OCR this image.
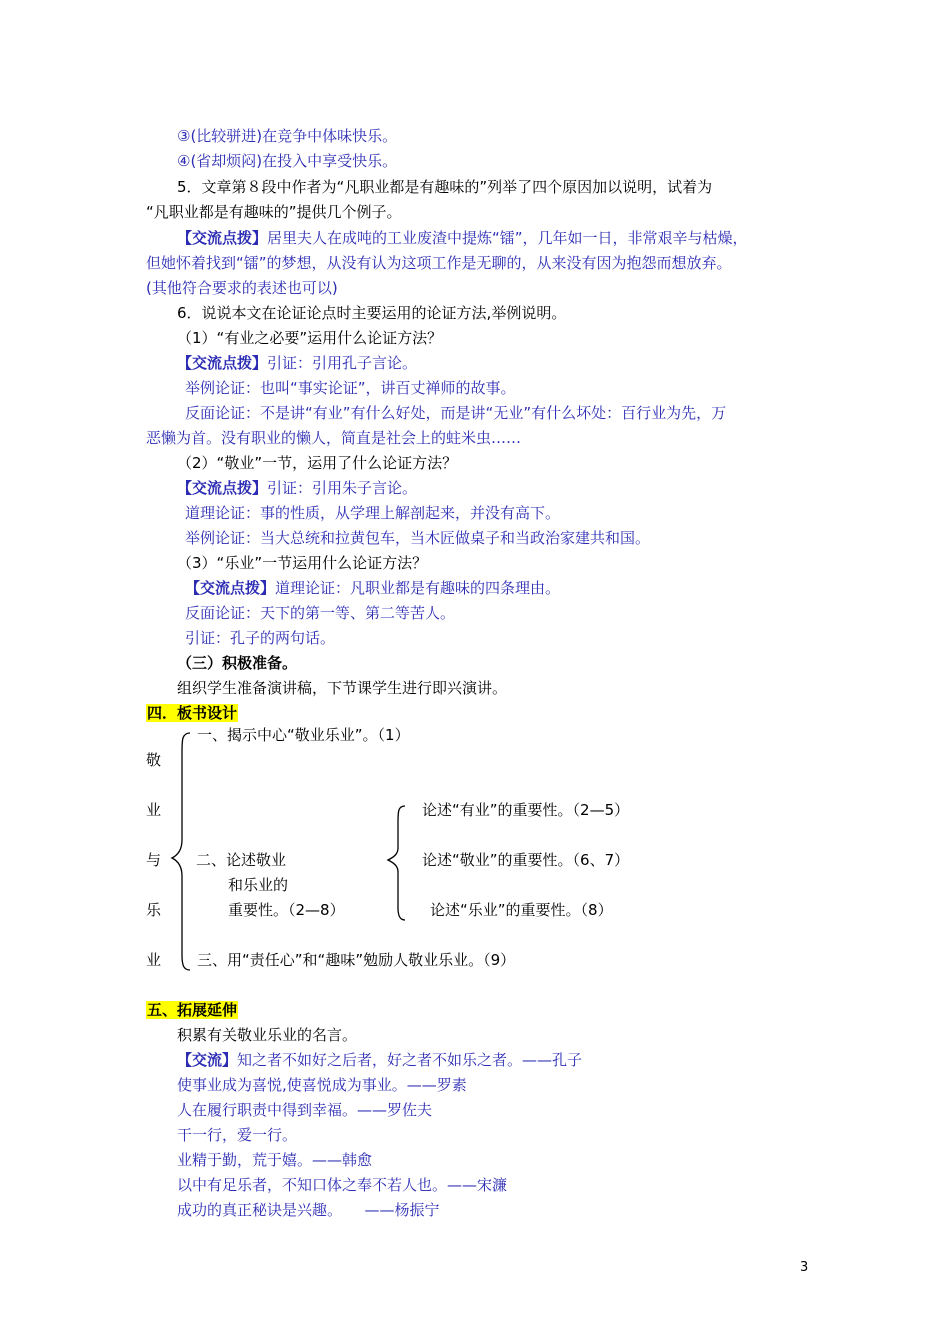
③(比较骈进)在竞争中体味快乐。
④(省却烦闷)在投入中享受快乐。
5．文章第８段中作者为“凡职业都是有趣味的”列举了四个原因加以说明，试着为
“凡职业都是有趣味的”提供几个例子。
【交流点拨】居里夫人在成吨的工业废渣中提炼“镭”，几年如一日，非常艰辛与枯燥，
但她怀着找到“镭”的梦想，从没有认为这项工作是无聊的，从来没有因为抱怨而想放弃。
(其他符合要求的表述也可以)
6．说说本文在论证论点时主要运用的论证方法,举例说明。
（1）“有业之必要”运用什么论证方法？
【交流点拨】引证：引用孔子言论。
举例论证：也叫“事实论证”，讲百丈禅师的故事。
反面论证：不是讲“有业”有什么好处，而是讲“无业”有什么坏处：百行业为先，万
恶懒为首。没有职业的懒人，简直是社会上的蛀米虫……
（2）“敬业”一节，运用了什么论证方法？
【交流点拨】引证：引用朱子言论。
道理论证：事的性质，从学理上解剖起来，并没有高下。
举例论证：当大总统和拉黄包车，当木匠做桌子和当政治家建共和国。
（3）“乐业”一节运用什么论证方法？
【交流点拨】道理论证：凡职业都是有趣味的四条理由。
反面论证：天下的第一等、第二等苦人。
引证：孔子的两句话。
（三）积极准备。
组织学生准备演讲稿，下节课学生进行即兴演讲。
四．板书设计
敬
业
与
乐
业
一、揭示中心“敬业乐业”。（1）
二、论述敬业
和乐业的
重要性。（2—8）
论述“有业”的重要性。（2—5）
论述“敬业”的重要性。（6、7）
论述“乐业”的重要性。（8）
三、用“责任心”和“趣味”勉励人敬业乐业。（9）
五、拓展延伸
积累有关敬业乐业的名言。
【交流】知之者不如好之后者，好之者不如乐之者。——孔子
使事业成为喜悦,使喜悦成为事业。——罗素
人在履行职责中得到幸福。——罗佐夫
干一行，爱一行。
业精于勤，荒于嬉。——韩愈
以中有足乐者，不知口体之奉不若人也。——宋濂
成功的真正秘诀是兴趣。　　——杨振宁
3
